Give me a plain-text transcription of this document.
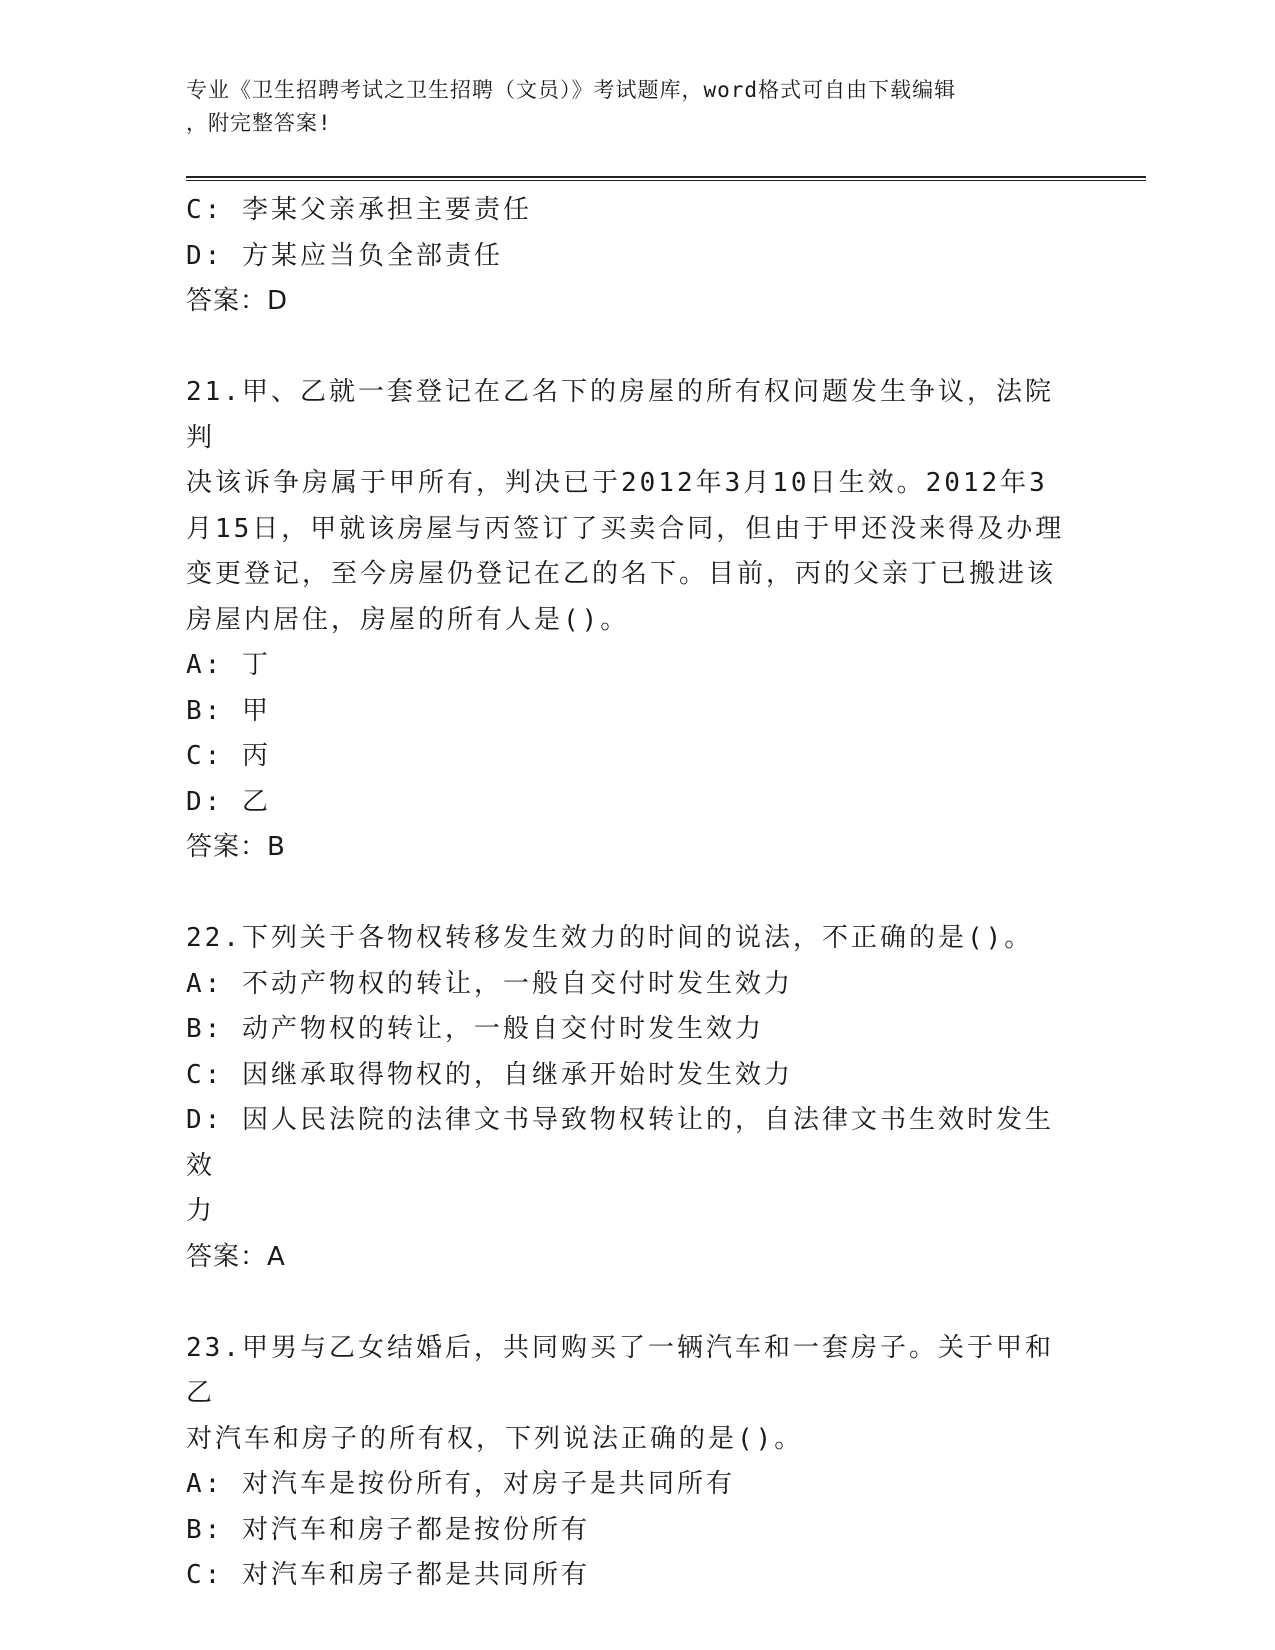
专业《卫生招聘考试之卫生招聘（文员）》考试题库，word格式可自由下载编辑
，附完整答案!
C: 李某父亲承担主要责任
D: 方某应当负全部责任
答案：D
21.甲、乙就一套登记在乙名下的房屋的所有权问题发生争议，法院判
决该诉争房属于甲所有，判决已于2012年3月10日生效。2012年3
月15日，甲就该房屋与丙签订了买卖合同，但由于甲还没来得及办理
变更登记，至今房屋仍登记在乙的名下。目前，丙的父亲丁已搬进该
房屋内居住，房屋的所有人是()。
A: 丁
B: 甲
C: 丙
D: 乙
答案：B
22.下列关于各物权转移发生效力的时间的说法，不正确的是()。
A: 不动产物权的转让，一般自交付时发生效力
B: 动产物权的转让，一般自交付时发生效力
C: 因继承取得物权的，自继承开始时发生效力
D: 因人民法院的法律文书导致物权转让的，自法律文书生效时发生效
力
答案：A
23.甲男与乙女结婚后，共同购买了一辆汽车和一套房子。关于甲和乙
对汽车和房子的所有权，下列说法正确的是()。
A: 对汽车是按份所有，对房子是共同所有
B: 对汽车和房子都是按份所有
C: 对汽车和房子都是共同所有
